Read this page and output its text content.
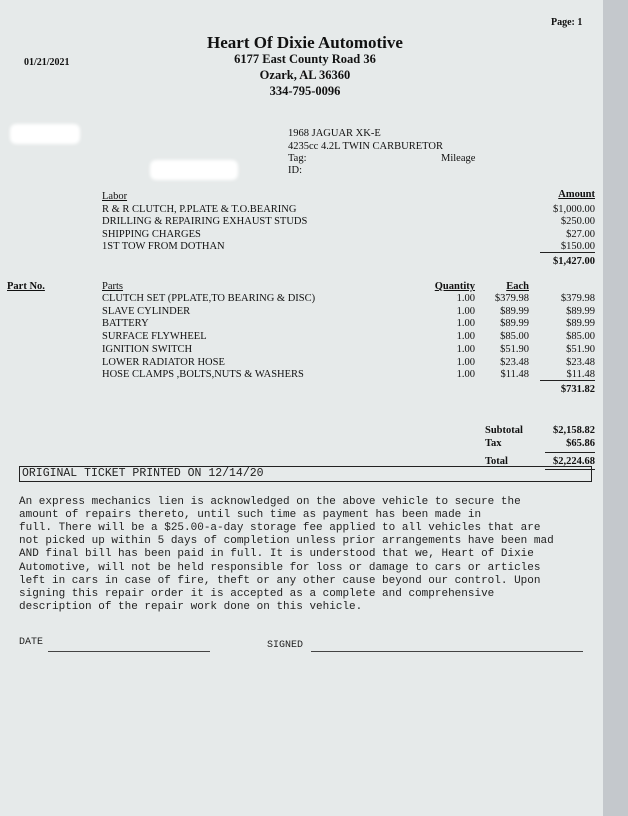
Page: 1
01/21/2021
Heart Of Dixie Automotive
6177 East County Road 36
Ozark, AL 36360
334-795-0096
1968 JAGUAR XK-E
4235cc 4.2L TWIN CARBURETOR
Tag:
ID:
Mileage
Labor	Amount
R & R CLUTCH, P.PLATE & T.O.BEARING	$1,000.00
DRILLING & REPAIRING EXHAUST STUDS	$250.00
SHIPPING CHARGES	$27.00
1ST TOW FROM DOTHAN	$150.00
$1,427.00
Part No.	Parts	Quantity	Each
CLUTCH SET (PPLATE,TO BEARING & DISC)	1.00	$379.98	$379.98
SLAVE CYLINDER	1.00	$89.99	$89.99
BATTERY	1.00	$89.99	$89.99
SURFACE FLYWHEEL	1.00	$85.00	$85.00
IGNITION SWITCH	1.00	$51.90	$51.90
LOWER RADIATOR HOSE	1.00	$23.48	$23.48
HOSE CLAMPS ,BOLTS,NUTS & WASHERS	1.00	$11.48	$11.48
$731.82
Subtotal	$2,158.82
Tax	$65.86
Total	$2,224.68
ORIGINAL TICKET PRINTED ON 12/14/20
An express mechanics lien is acknowledged on the above vehicle to secure the
amount of repairs thereto, until such time as payment has been made in
full. There will be a $25.00-a-day storage fee applied to all vehicles that are
not picked up within 5 days of completion unless prior arrangements have been mad
AND final bill has been paid in full. It is understood that we, Heart of Dixie
Automotive, will not be held responsible for loss or damage to cars or articles
left in cars in case of fire, theft or any other cause beyond our control. Upon
signing this repair order it is accepted as a complete and comprehensive
description of the repair work done on this vehicle.
DATE	SIGNED
